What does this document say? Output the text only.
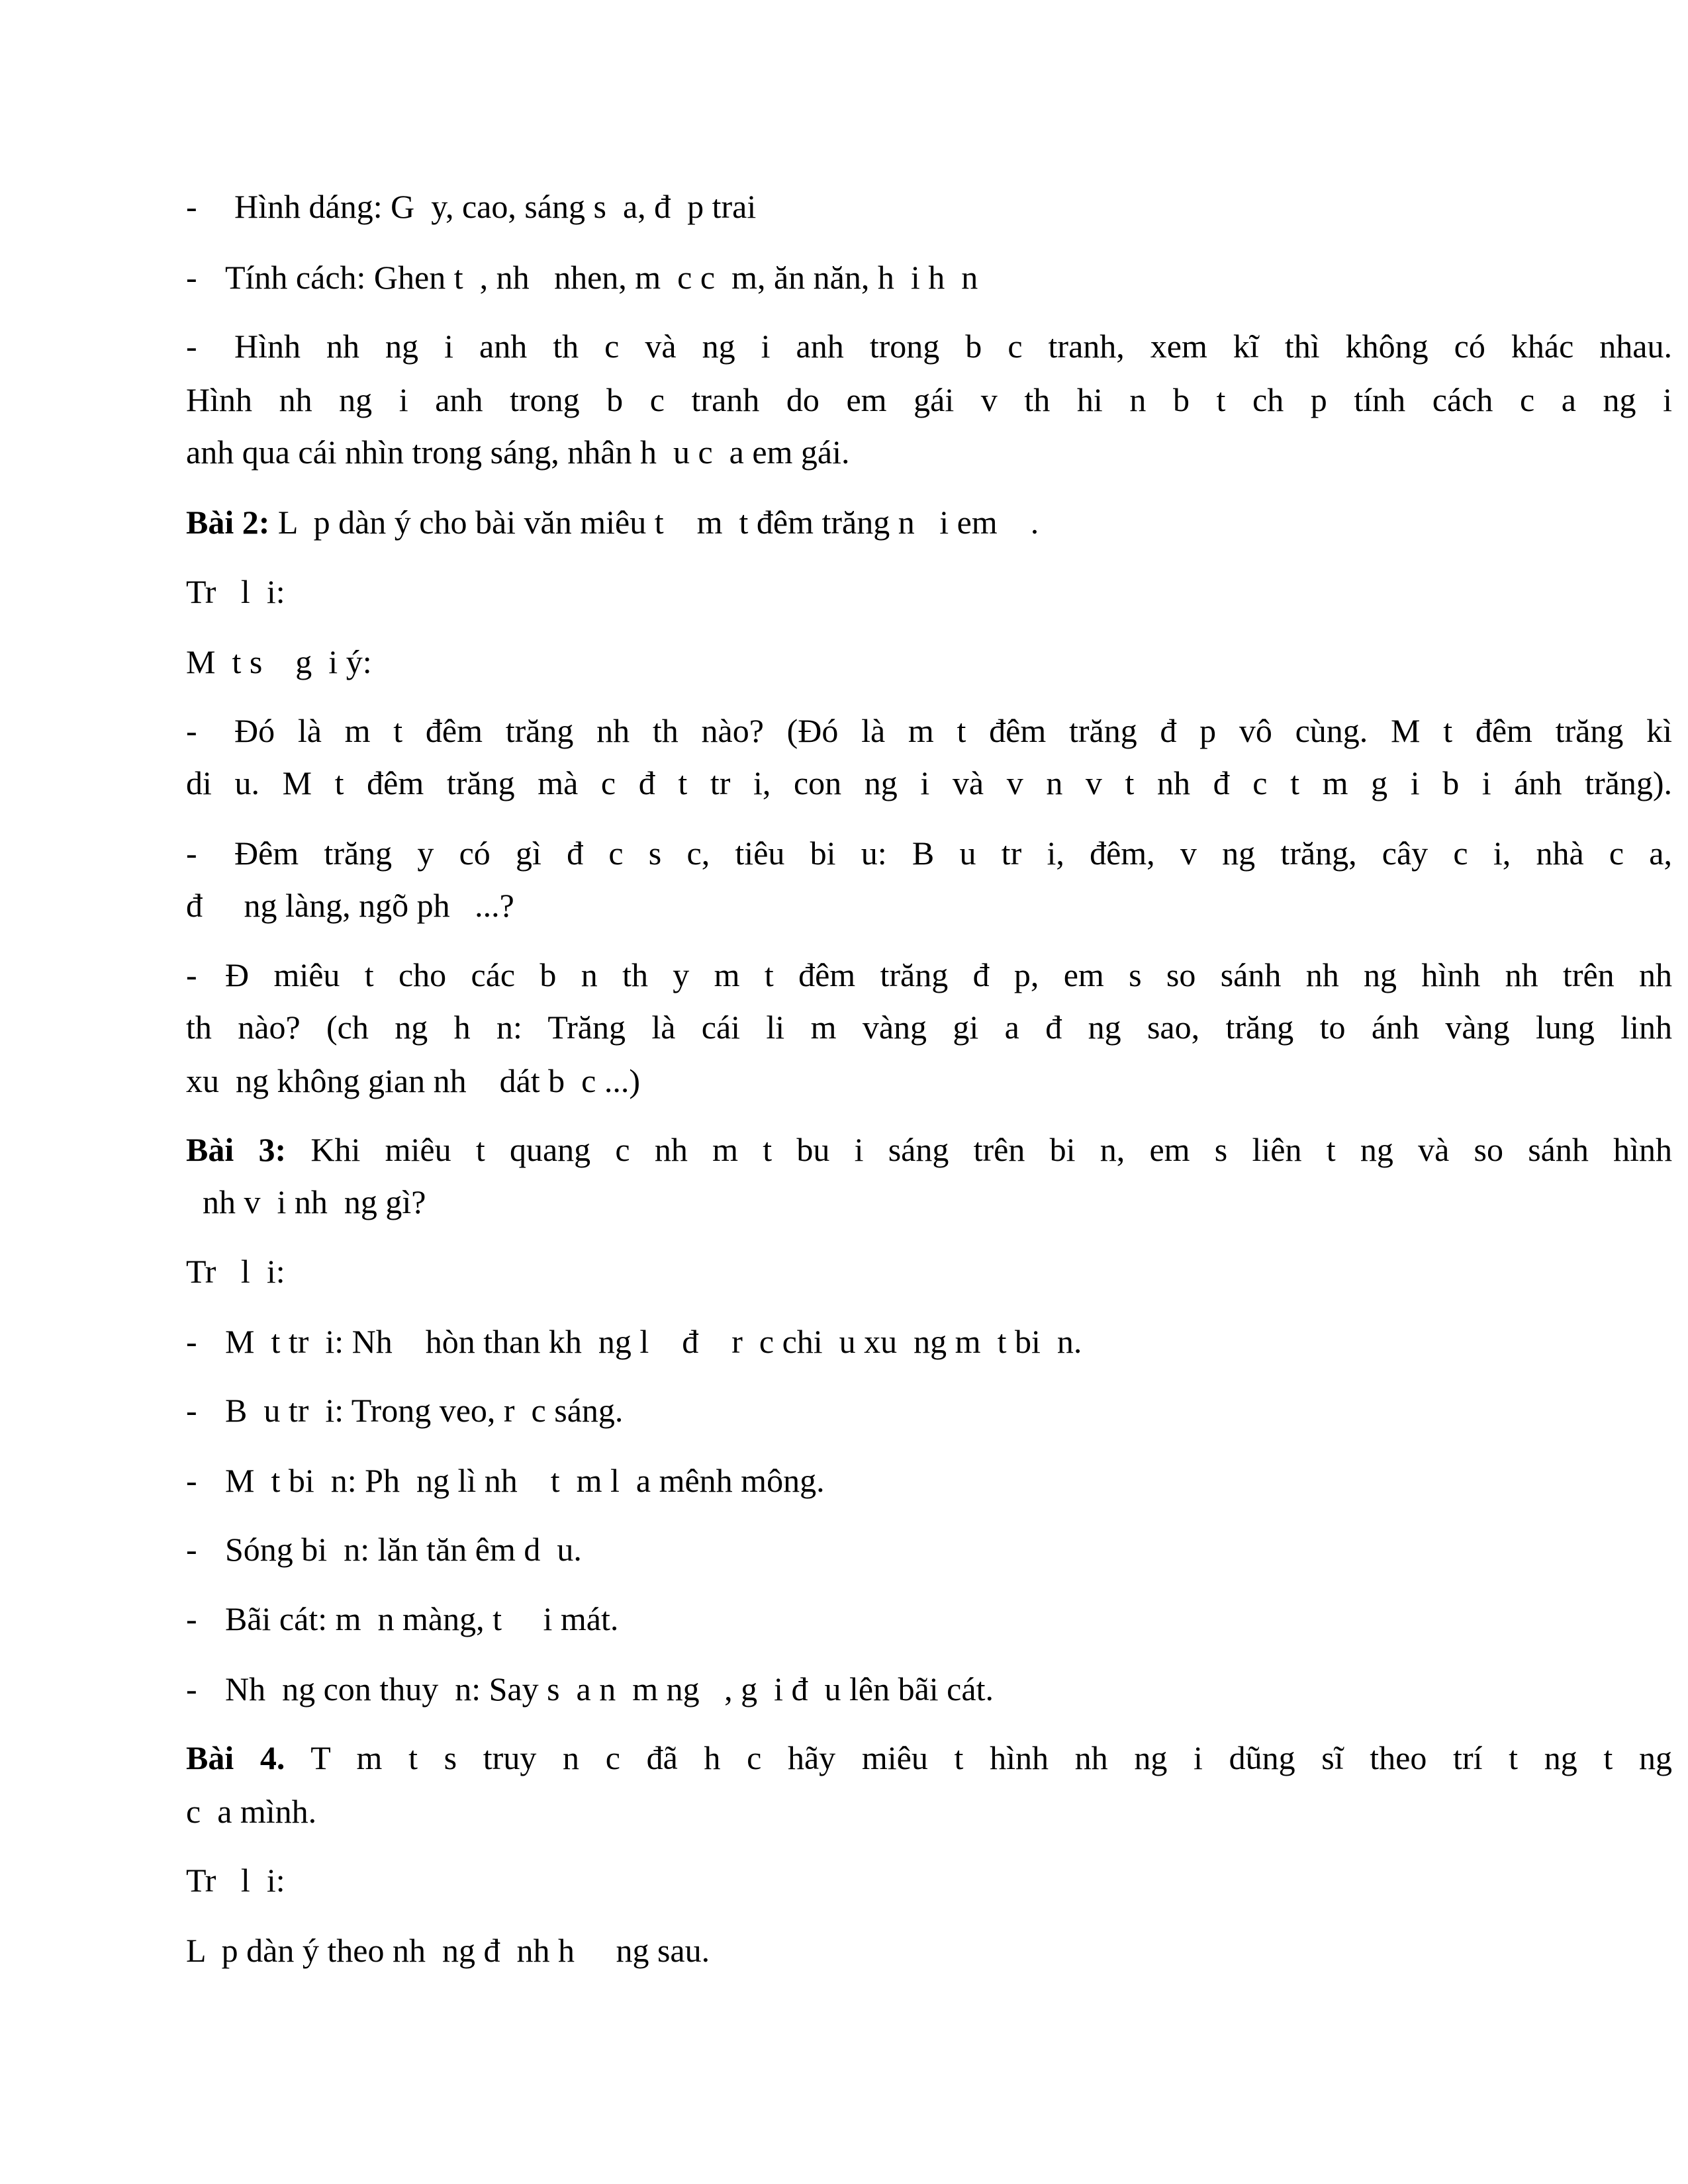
- Hình dáng: G  y, cao, sáng s  a, đ  p trai
- Tính cách: Ghen t  , nh   nhen, m  c c  m, ăn năn, h  i h  n
- Hình nh ng i anh th c và ng i anh trong b c tranh, xem kĩ thì không có khác nhau.
Hình nh ng i anh trong b c tranh do em gái v th hi n b t ch p tính cách c a ng i
anh qua cái nhìn trong sáng, nhân h  u c  a em gái.
Bài 2: L  p dàn ý cho bài văn miêu t    m  t đêm trăng n   i em    .
Tr   l  i:
M  t s    g  i ý:
- Đó là m t đêm trăng nh th nào? (Đó là m t đêm trăng đ p vô cùng. M t đêm trăng kì
di u. M t đêm trăng mà c đ t tr i, con ng i và v n v t nh đ c t m g i b i ánh trăng).
- Đêm trăng y có gì đ c s c, tiêu bi u: B u tr i, đêm, v ng trăng, cây c i, nhà c a,
đ     ng làng, ngõ ph   ...?
- Đ miêu t cho các b n th y m t đêm trăng đ p, em s so sánh nh ng hình nh trên nh
th nào? (ch ng h n: Trăng là cái li m vàng gi a đ ng sao, trăng to ánh vàng lung linh
xu  ng không gian nh    dát b  c ...)
Bài 3: Khi miêu t quang c nh m t bu i sáng trên bi n, em s liên t ng và so sánh hình
nh v  i nh  ng gì?
Tr   l  i:
- M  t tr  i: Nh    hòn than kh  ng l    đ    r  c chi  u xu  ng m  t bi  n.
- B  u tr  i: Trong veo, r  c sáng.
- M  t bi  n: Ph  ng lì nh    t  m l  a mênh mông.
- Sóng bi  n: lăn tăn êm d  u.
- Bãi cát: m  n màng, t     i mát.
- Nh  ng con thuy  n: Say s  a n  m ng   , g  i đ  u lên bãi cát.
Bài 4. T m t s truy n c đã h c hãy miêu t hình nh ng i dũng sĩ theo trí t ng t ng
c  a mình.
Tr   l  i:
L  p dàn ý theo nh  ng đ  nh h     ng sau.
